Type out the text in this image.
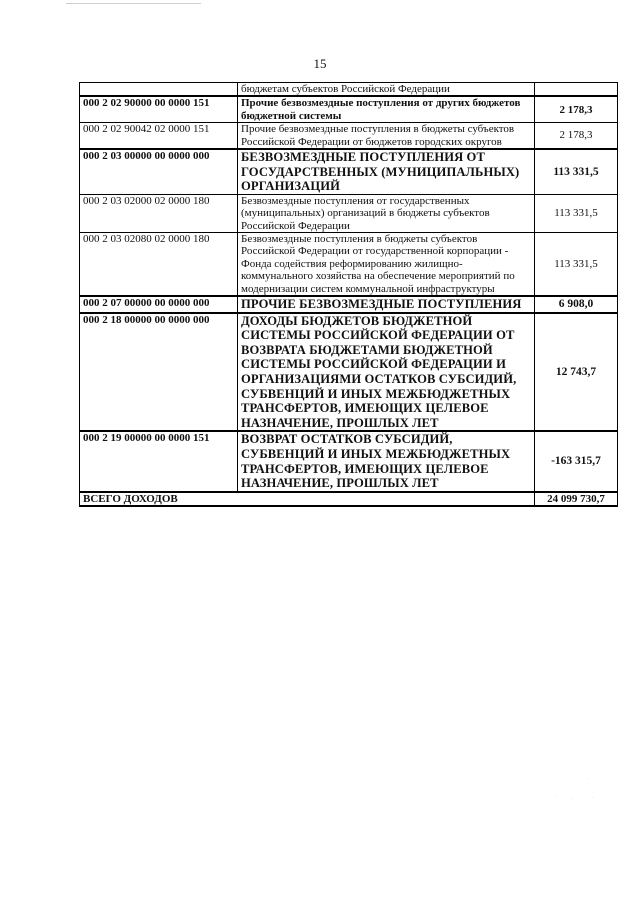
15
	бюджетам субъектов Российской Федерации	
000 2 02 90000 00 0000 151	Прочие безвозмездные поступления от других бюджетов бюджетной системы	2 178,3
000 2 02 90042 02 0000 151	Прочие безвозмездные поступления в бюджеты субъектов Российской Федерации от бюджетов городских округов	2 178,3
000 2 03 00000 00 0000 000	БЕЗВОЗМЕЗДНЫЕ ПОСТУПЛЕНИЯ ОТ ГОСУДАРСТВЕННЫХ (МУНИЦИПАЛЬНЫХ) ОРГАНИЗАЦИЙ	113 331,5
000 2 03 02000 02 0000 180	Безвозмездные поступления от государственных (муниципальных) организаций в бюджеты субъектов Российской Федерации	113 331,5
000 2 03 02080 02 0000 180	Безвозмездные поступления в бюджеты субъектов Российской Федерации от государственной корпорации - Фонда содействия реформированию жилищно-коммунального хозяйства на обеспечение мероприятий по модернизации систем коммунальной инфраструктуры	113 331,5
000 2 07 00000 00 0000 000	ПРОЧИЕ БЕЗВОЗМЕЗДНЫЕ ПОСТУПЛЕНИЯ	6 908,0
000 2 18 00000 00 0000 000	ДОХОДЫ БЮДЖЕТОВ БЮДЖЕТНОЙ СИСТЕМЫ РОССИЙСКОЙ ФЕДЕРАЦИИ ОТ ВОЗВРАТА БЮДЖЕТАМИ БЮДЖЕТНОЙ СИСТЕМЫ РОССИЙСКОЙ ФЕДЕРАЦИИ И ОРГАНИЗАЦИЯМИ ОСТАТКОВ СУБСИДИЙ, СУБВЕНЦИЙ И ИНЫХ МЕЖБЮДЖЕТНЫХ ТРАНСФЕРТОВ, ИМЕЮЩИХ ЦЕЛЕВОЕ НАЗНАЧЕНИЕ, ПРОШЛЫХ ЛЕТ	12 743,7
000 2 19 00000 00 0000 151	ВОЗВРАТ ОСТАТКОВ СУБСИДИЙ, СУБВЕНЦИЙ И ИНЫХ МЕЖБЮДЖЕТНЫХ ТРАНСФЕРТОВ, ИМЕЮЩИХ ЦЕЛЕВОЕ НАЗНАЧЕНИЕ, ПРОШЛЫХ ЛЕТ	-163 315,7
ВСЕГО ДОХОДОВ		24 099 730,7
·
· ·	·
